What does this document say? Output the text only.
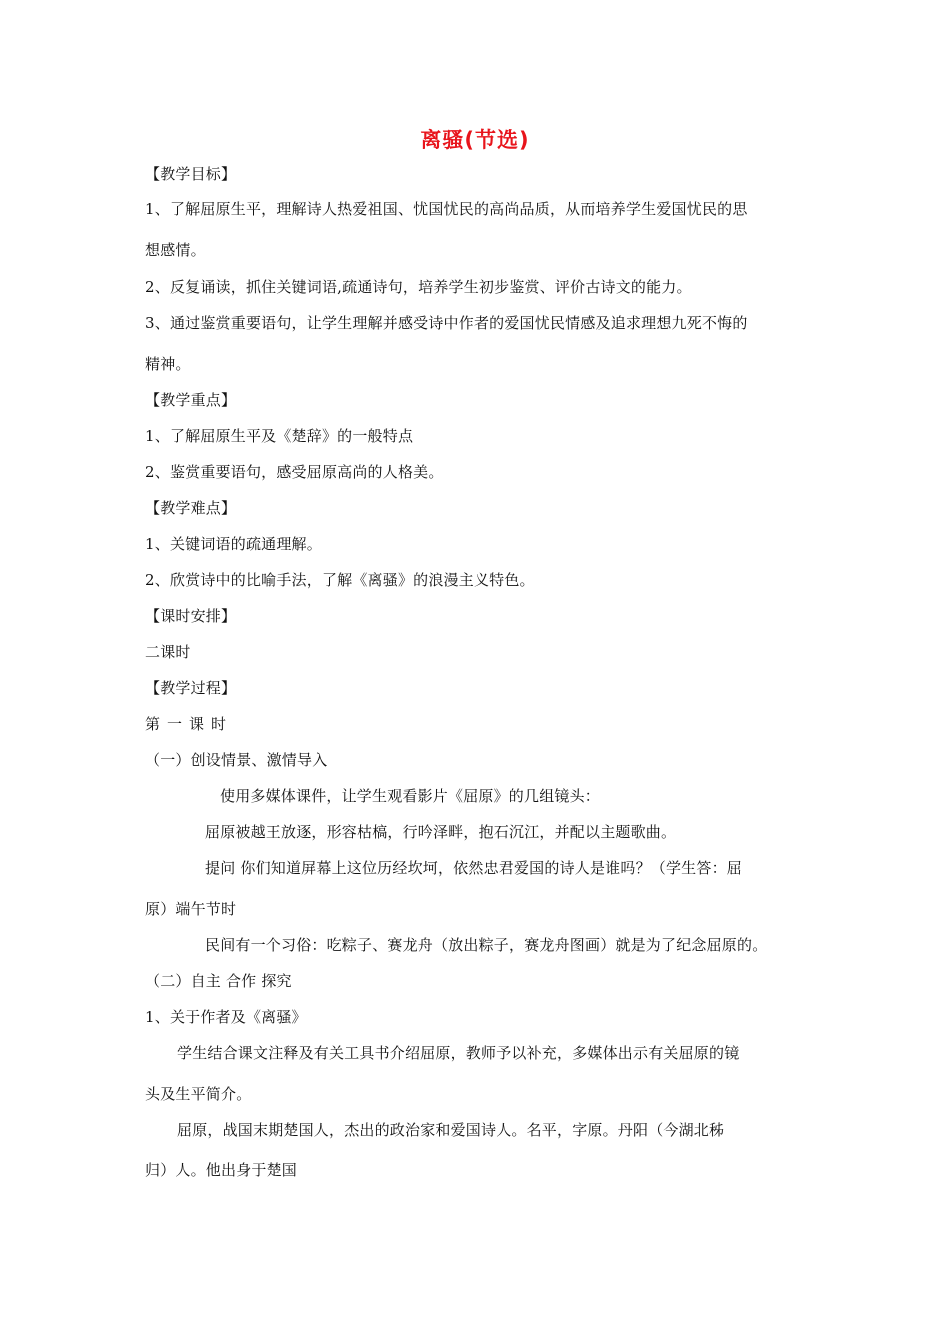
离骚(节选)
【教学目标】
1、了解屈原生平，理解诗人热爱祖国、忧国忧民的高尚品质，从而培养学生爱国忧民的思
想感情。
2、反复诵读，抓住关键词语,疏通诗句，培养学生初步鉴赏、评价古诗文的能力。
3、通过鉴赏重要语句，让学生理解并感受诗中作者的爱国忧民情感及追求理想九死不悔的
精神。
【教学重点】
1、了解屈原生平及《楚辞》的一般特点
2、鉴赏重要语句，感受屈原高尚的人格美。
【教学难点】
1、关键词语的疏通理解。
2、欣赏诗中的比喻手法，了解《离骚》的浪漫主义特色。
【课时安排】
二课时
【教学过程】
第一课时
（一）创设情景、激情导入
使用多媒体课件，让学生观看影片《屈原》的几组镜头：
屈原被越王放逐，形容枯槁，行吟泽畔，抱石沉江，并配以主题歌曲。
提问 你们知道屏幕上这位历经坎坷，依然忠君爱国的诗人是谁吗？（学生答：屈
原）端午节时
民间有一个习俗：吃粽子、赛龙舟（放出粽子，赛龙舟图画）就是为了纪念屈原的。
（二）自主 合作 探究
1、关于作者及《离骚》
学生结合课文注释及有关工具书介绍屈原，教师予以补充，多媒体出示有关屈原的镜
头及生平简介。
屈原，战国末期楚国人，杰出的政治家和爱国诗人。名平，字原。丹阳（今湖北秭
归）人。他出身于楚国
